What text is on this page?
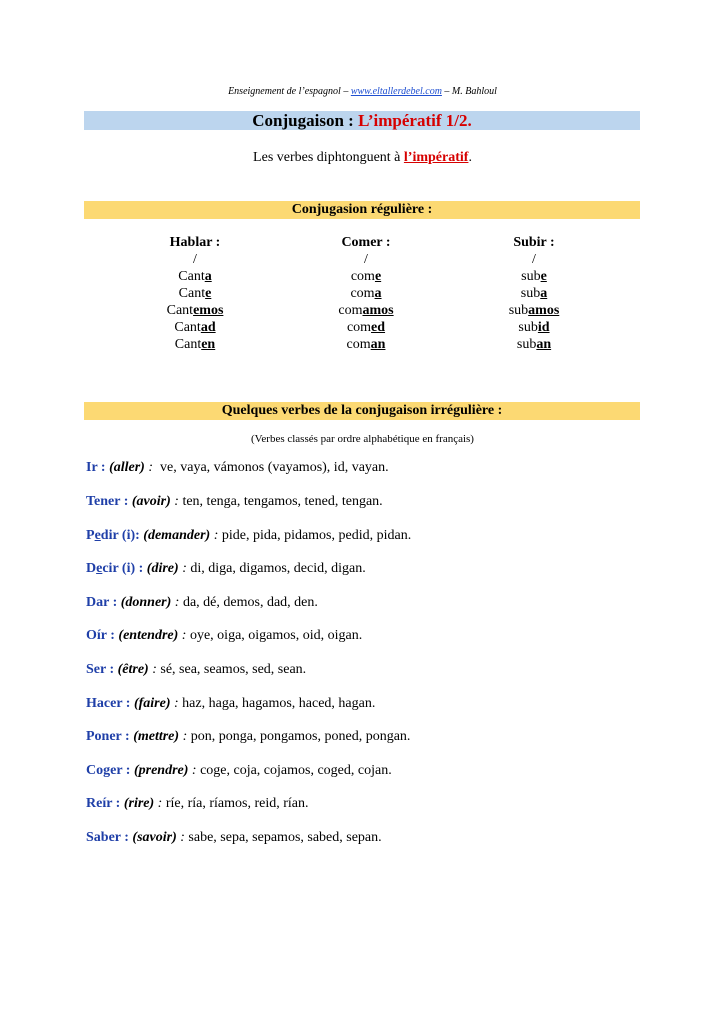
Enseignement de l’espagnol – www.eltallerdebel.com – M. Bahloul
Conjugaison : L’impératif 1/2.
Les verbes diphtonguent à l’impératif.
Conjugasion régulière :
Hablar :
/
Canta
Cante
Cantemos
Cantad
Canten
Comer :
/
come
coma
comamos
comed
coman
Subir :
/
sube
suba
subamos
subid
suban
Quelques verbes de la conjugaison irrégulière :
(Verbes classés par ordre alphabétique en français)
Ir : (aller) :  ve, vaya, vámonos (vayamos), id, vayan.
Tener : (avoir) : ten, tenga, tengamos, tened, tengan.
Pedir (i): (demander) : pide, pida, pidamos, pedid, pidan.
Decir (i) : (dire) : di, diga, digamos, decid, digan.
Dar : (donner) : da, dé, demos, dad, den.
Oír : (entendre) : oye, oiga, oigamos, oid, oigan.
Ser : (être) : sé, sea, seamos, sed, sean.
Hacer : (faire) : haz, haga, hagamos, haced, hagan.
Poner : (mettre) : pon, ponga, pongamos, poned, pongan.
Coger : (prendre) : coge, coja, cojamos, coged, cojan.
Reír : (rire) : ríe, ría, ríamos, reid, rían.
Saber : (savoir) : sabe, sepa, sepamos, sabed, sepan.
